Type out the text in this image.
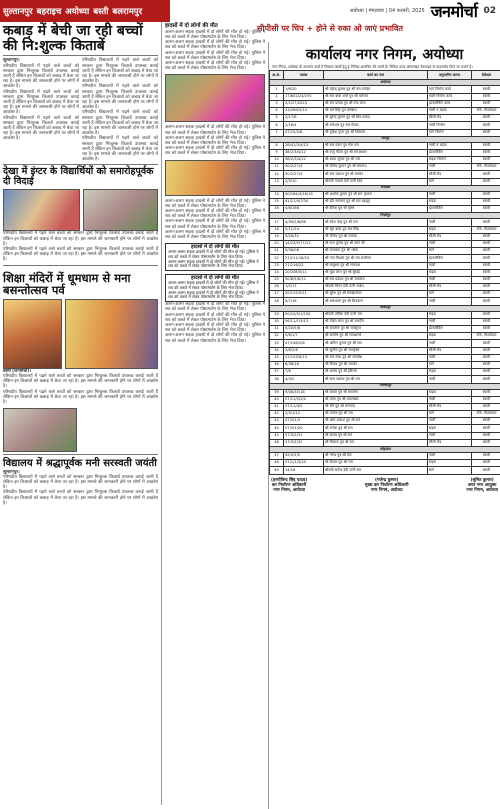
सुल्तानपुर बहराइच अयोध्या बस्ती बलरामपुर	अयोध्या | मंगलवार | 04 फरवरी, 2025 जनमोर्चा 02
सीपीसी पर चिप + होने से रुका ओ जाएं प्रभावित
कबाड़ में बेची जा रही बच्चों की नि:शुल्क किताबें
सुल्तानपुर।
परिषदीय विद्यालयों में पढ़ने वाले बच्चों को सरकार द्वारा निःशुल्क किताबें उपलब्ध कराई जाती हैं लेकिन इन किताबों को कबाड़ में बेचा जा रहा है। इस मामले की जानकारी होने पर लोगों में आक्रोश है।
परिषदीय विद्यालयों में पढ़ने वाले बच्चों को सरकार द्वारा निःशुल्क किताबें उपलब्ध कराई जाती हैं लेकिन इन किताबों को कबाड़ में बेचा जा रहा है। इस मामले की जानकारी होने पर लोगों में आक्रोश है।
परिषदीय विद्यालयों में पढ़ने वाले बच्चों को सरकार द्वारा निःशुल्क किताबें उपलब्ध कराई जाती हैं लेकिन इन किताबों को कबाड़ में बेचा जा रहा है। इस मामले की जानकारी होने पर लोगों में आक्रोश है।
परिषदीय विद्यालयों में पढ़ने वाले बच्चों को सरकार द्वारा निःशुल्क किताबें उपलब्ध कराई जाती हैं लेकिन इन किताबों को कबाड़ में बेचा जा रहा है। इस मामले की जानकारी होने पर लोगों में आक्रोश है।
परिषदीय विद्यालयों में पढ़ने वाले बच्चों को सरकार द्वारा निःशुल्क किताबें उपलब्ध कराई जाती हैं लेकिन इन किताबों को कबाड़ में बेचा जा रहा है। इस मामले की जानकारी होने पर लोगों में आक्रोश है।
परिषदीय विद्यालयों में पढ़ने वाले बच्चों को सरकार द्वारा निःशुल्क किताबें उपलब्ध कराई जाती हैं लेकिन इन किताबों को कबाड़ में बेचा जा रहा है। इस मामले की जानकारी होने पर लोगों में आक्रोश है।
परिषदीय विद्यालयों में पढ़ने वाले बच्चों को सरकार द्वारा निःशुल्क किताबें उपलब्ध कराई जाती हैं लेकिन इन किताबों को कबाड़ में बेचा जा रहा है। इस मामले की जानकारी होने पर लोगों में आक्रोश है।
देखा में इंग्टर के विद्यार्थियों को समारोहपूर्वक दी विदाई
परिषदीय विद्यालयों में पढ़ने वाले बच्चों को सरकार द्वारा निःशुल्क किताबें उपलब्ध कराई जाती हैं लेकिन इन किताबों को कबाड़ में बेचा जा रहा है। इस मामले की जानकारी होने पर लोगों में आक्रोश है।
परिषदीय विद्यालयों में पढ़ने वाले बच्चों को सरकार द्वारा निःशुल्क किताबें उपलब्ध कराई जाती हैं लेकिन इन किताबों को कबाड़ में बेचा जा रहा है। इस मामले की जानकारी होने पर लोगों में आक्रोश है।
शिक्षा मंदिरों में धूमधाम से मना बसन्तोत्सव पर्व
बस्ती (जनमोर्चा)।
परिषदीय विद्यालयों में पढ़ने वाले बच्चों को सरकार द्वारा निःशुल्क किताबें उपलब्ध कराई जाती हैं लेकिन इन किताबों को कबाड़ में बेचा जा रहा है। इस मामले की जानकारी होने पर लोगों में आक्रोश है।
परिषदीय विद्यालयों में पढ़ने वाले बच्चों को सरकार द्वारा निःशुल्क किताबें उपलब्ध कराई जाती हैं लेकिन इन किताबों को कबाड़ में बेचा जा रहा है। इस मामले की जानकारी होने पर लोगों में आक्रोश है।
विद्यालय में श्रद्धापूर्वक मनी सरस्वती जयंती
सुल्तानपुर।
परिषदीय विद्यालयों में पढ़ने वाले बच्चों को सरकार द्वारा निःशुल्क किताबें उपलब्ध कराई जाती हैं लेकिन इन किताबों को कबाड़ में बेचा जा रहा है। इस मामले की जानकारी होने पर लोगों में आक्रोश है।
परिषदीय विद्यालयों में पढ़ने वाले बच्चों को सरकार द्वारा निःशुल्क किताबें उपलब्ध कराई जाती हैं लेकिन इन किताबों को कबाड़ में बेचा जा रहा है। इस मामले की जानकारी होने पर लोगों में आक्रोश है।
हादसों में दो लोगों की मौत
अलग-अलग सड़क हादसों में दो लोगों की मौत हो गई। पुलिस ने शव को कब्जे में लेकर पोस्टमार्टम के लिए भेज दिया।
अलग-अलग सड़क हादसों में दो लोगों की मौत हो गई। पुलिस ने शव को कब्जे में लेकर पोस्टमार्टम के लिए भेज दिया।
अलग-अलग सड़क हादसों में दो लोगों की मौत हो गई। पुलिस ने शव को कब्जे में लेकर पोस्टमार्टम के लिए भेज दिया।
अलग-अलग सड़क हादसों में दो लोगों की मौत हो गई। पुलिस ने शव को कब्जे में लेकर पोस्टमार्टम के लिए भेज दिया।
अलग-अलग सड़क हादसों में दो लोगों की मौत हो गई। पुलिस ने शव को कब्जे में लेकर पोस्टमार्टम के लिए भेज दिया।
अलग-अलग सड़क हादसों में दो लोगों की मौत हो गई। पुलिस ने शव को कब्जे में लेकर पोस्टमार्टम के लिए भेज दिया।
अलग-अलग सड़क हादसों में दो लोगों की मौत हो गई। पुलिस ने शव को कब्जे में लेकर पोस्टमार्टम के लिए भेज दिया।
अलग-अलग सड़क हादसों में दो लोगों की मौत हो गई। पुलिस ने शव को कब्जे में लेकर पोस्टमार्टम के लिए भेज दिया।
अलग-अलग सड़क हादसों में दो लोगों की मौत हो गई। पुलिस ने शव को कब्जे में लेकर पोस्टमार्टम के लिए भेज दिया।
अलग-अलग सड़क हादसों में दो लोगों की मौत हो गई। पुलिस ने शव को कब्जे में लेकर पोस्टमार्टम के लिए भेज दिया।
अलग-अलग सड़क हादसों में दो लोगों की मौत हो गई। पुलिस ने शव को कब्जे में लेकर पोस्टमार्टम के लिए भेज दिया।
हादसों में दो लोगों की मौत
अलग-अलग सड़क हादसों में दो लोगों की मौत हो गई। पुलिस ने शव को कब्जे में लेकर पोस्टमार्टम के लिए भेज दिया।
अलग-अलग सड़क हादसों में दो लोगों की मौत हो गई। पुलिस ने शव को कब्जे में लेकर पोस्टमार्टम के लिए भेज दिया।
हादसों में दो लोगों की मौत
अलग-अलग सड़क हादसों में दो लोगों की मौत हो गई। पुलिस ने शव को कब्जे में लेकर पोस्टमार्टम के लिए भेज दिया।
अलग-अलग सड़क हादसों में दो लोगों की मौत हो गई। पुलिस ने शव को कब्जे में लेकर पोस्टमार्टम के लिए भेज दिया।
अलग-अलग सड़क हादसों में दो लोगों की मौत हो गई। पुलिस ने शव को कब्जे में लेकर पोस्टमार्टम के लिए भेज दिया।
अलग-अलग सड़क हादसों में दो लोगों की मौत हो गई। पुलिस ने शव को कब्जे में लेकर पोस्टमार्टम के लिए भेज दिया।
अलग-अलग सड़क हादसों में दो लोगों की मौत हो गई। पुलिस ने शव को कब्जे में लेकर पोस्टमार्टम के लिए भेज दिया।
अलग-अलग सड़क हादसों में दो लोगों की मौत हो गई। पुलिस ने शव को कब्जे में लेकर पोस्टमार्टम के लिए भेज दिया।
कार्यालय नगर निगम, अयोध्या
नगर निगम, अयोध्या के अन्तर्गत वार्डों में विकास कार्यों हेतु ई-निविदा आमंत्रित की जाती है। निविदा प्रपत्र ऑनलाइन वेबसाइट से डाउनलोड किये जा सकते हैं।
क्र.सं.	पत्रांक	कार्य का नाम	अनुमानित लागत	ठेकेदार
अयोध्या				
1	1/6/20	श्री महेन्द्र कुमार पुत्र श्री राम मनोहर	मार्ग निर्माण कार्य	स्वामी
2	17/802/23/255	श्री राम बाबा शर्मा पुत्र श्री बलराम	नाली निर्माण कार्य	स्वामी
3	2/2/27/2023	श्री राम प्रसाद पुत्र श्री नन्द लाल	इंटरलॉकिंग कार्य	स्वामी
4	33/289/2/14	श्री धर्म सिंह पुत्र जगन्नाथ	नाली व सड़क	रजि. किरायेदार
5	2/17/8	श्री सुरेन्द्र कुमार पुत्र श्री शिव प्रसाद	सीसी रोड	स्वामी
6	2/18/4	श्री रामेश्वर पुत्र राम सेवक	नाली निर्माण	स्वामी
7	57/15/2/8	श्री मुकेश गुप्ता पुत्र श्री शिवराम	मार्ग निर्माण	स्वामी
रामपुर				
8	28/41/2/4/13	श्री राम चरण पुत्र गंगा राम	नाली व सड़क	स्वामी
9	38/2/3/4/12	श्री राजू गौतम पुत्र श्री रामआधार	इंटरलॉकिंग	स्वामी
10	38/2/3/4/12	श्री श्याम सुन्दर पुत्र श्री राधे	सड़क निर्माण	स्वामी
11	30/2/27/4	श्री विनोद कुमार पुत्र श्री रामनाथ	नाली	रजि. किरायेदार
12	30/2/27/4	श्री जय प्रकाश पुत्र श्री रामदेव	सीसी रोड	स्वामी
13	2/3/10	श्रीमती गायत्री देवी पत्नी शिव	मार्ग	स्वामी
चन्दौली				
14	40/184/4/16/19	श्री अशोक कुमार पुत्र श्री राम कृपाल	नाली	स्वामी
15	41/27/4/7/30	श्री हरि नारायण पुत्र श्री राम बहादुर	सड़क	स्वामी
16	4/8/166	श्री दिनेश पुत्र श्री कृष्ण	इंटरलॉकिंग	स्वामी
मिर्ज़ापुर				
17	4/39/2/6/08	श्री रमेश चन्द्र पुत्र श्री राम	नाली	स्वामी
18	5/11/24	श्री सूर्य बाबा पुत्र राम सिंह	सड़क	रजि. किरायेदार
19	5/26/32	श्री विनोद पुत्र श्री रामदेव	सीसी रोड	स्वामी
20	14/23/5/77/11	श्री राज कुमार पुत्र श्री लाल जी	नाली	स्वामी
21	5/38/08	श्री राजाराम पुत्र श्री भोला	मार्ग	स्वामी
22	27/211/18/23	श्री नन्द किशोर पुत्र श्री राम सजीवन	इंटरलॉकिंग	स्वामी
23	27/216/23	श्री बाबूराम पुत्र श्री रामनाथ	नाली	स्वामी
24	20/208/5/11	श्री मुन्ना लाल पुत्र श्री सुखई	सड़क	स्वामी
25	30/8/5/6/12	श्री राम प्रकाश पुत्र श्री रामलाल	नाली	स्वामी
26	1/5/17	श्रीमती किरन देवी पत्नी राजेश	सीसी रोड	स्वामी
27	20/125/5/11	श्री सुरेश पुत्र श्री रामखेलावन	मार्ग	स्वामी
28	5/7/16	श्री राधेश्याम पुत्र श्री शिवबरन	नाली	स्वामी
बीकापुर				
29	50/10/5/1/150	श्रीमती उर्मिला देवी पत्नी राम	सड़क	स्वामी
30	56/11/1/5/13	श्री मोहन लाल पुत्र श्री रामदीन	नाली	स्वामी
31	5/20/5/8	श्री रामतीर्थ पुत्र श्री रामसूरत	इंटरलॉकिंग	स्वामी
32	5/6/1/7	श्री सन्तोष पुत्र श्री रामआसरे	सड़क	रजि. किरायेदार
33	47/146/2/8	श्री अनिल कुमार पुत्र श्री राम	नाली	स्वामी
34	2/6/2/8	श्री सुनील पुत्र श्री रामकृष्ण	सीसी रोड	स्वामी
35	47/103/6/13	श्री राम नरेश पुत्र श्री जगदीश	नाली	स्वामी
36	6/38/16	श्री विजय पुत्र श्री रामफेर	मार्ग	स्वामी
37	7/8	श्री अजय पुत्र श्री हरिराम	सड़क	स्वामी
38	4/3/2	श्री सत्य प्रकाश पुत्र श्री राम	नाली	स्वामी
मिल्कीपुर				
39	9/46/35/18	श्री कमल पुत्र श्री रामबरन	सड़क	स्वामी
40	57/11/0/2/4	श्री पवन पुत्र श्री रामलखन	नाली	स्वामी
41	57/11/4/2	श्री रवि पुत्र श्री रामचन्द्र	सीसी रोड	स्वामी
42	2/3/1/12	श्री मनोज पुत्र श्री राम	मार्ग	रजि. किरायेदार
43	57/3/1/3	श्री ओम प्रकाश पुत्र श्री राम	नाली	स्वामी
44	57/3/1/20	श्री राजेश पुत्र श्री राम	सड़क	स्वामी
45	57/3/2/31	श्री संजय पुत्र श्री राम	नाली	स्वामी
46	57/3/2/32	श्री विकास पुत्र श्री राम	सीसी रोड	स्वामी
सोहावल				
47	35/5/2/5	श्री नरेन्द्र पुत्र श्री राम	नाली	स्वामी
48	57/1/1/3/14	श्री दीपक पुत्र श्री राम	सड़क	स्वामी
49	14/18	श्रीमती सरोज देवी पत्नी राम	मार्ग	स्वामी
(हरगोविन्द सिंह यादव)
कर निर्धारण अधिकारी
नगर निगम, अयोध्या
(गजेन्द्र कुमार)
मुख्य कर निर्धारण अधिकारी
नगर निगम, अयोध्या
(सुमित कुमार)
अपर नगर आयुक्त
नगर निगम, अयोध्या
